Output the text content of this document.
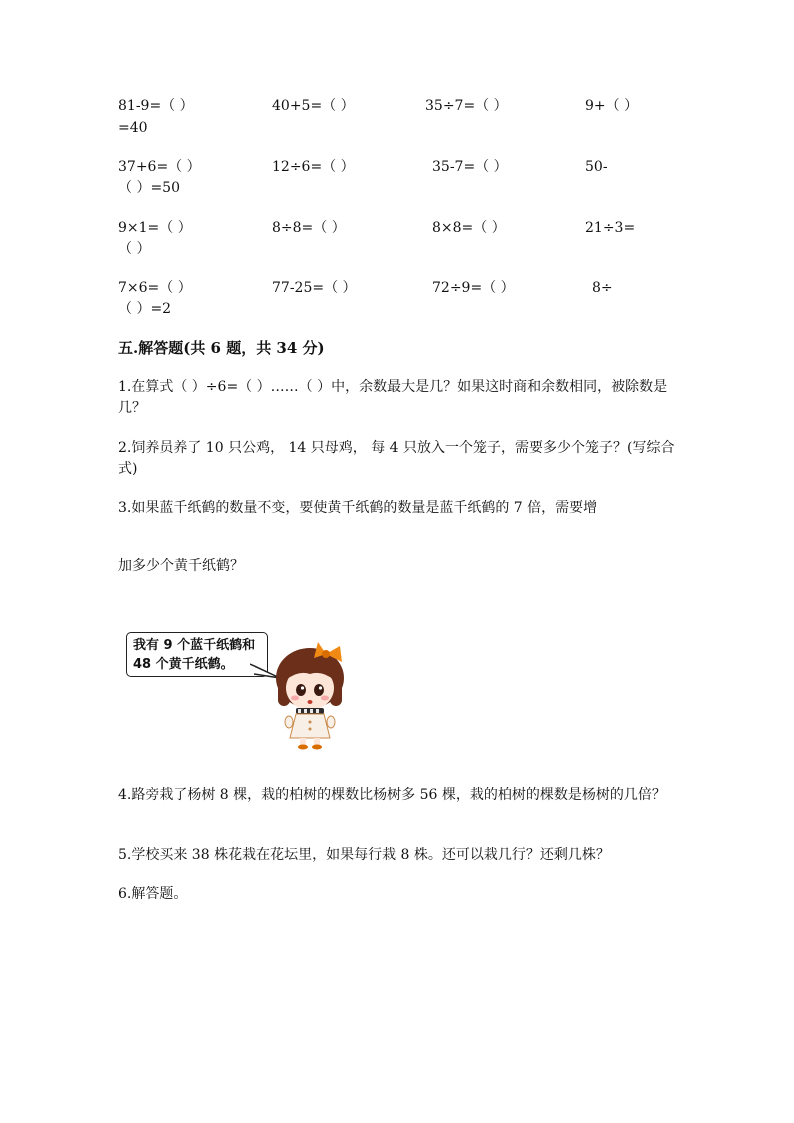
81-9=（ ）	40+5=（ ）	35÷7=（ ）	9+（ ）
=40
37+6=（ ）	12÷6=（ ）	35-7=（ ）	50-
（ ）=50
9×1=（ ）	8÷8=（ ）	8×8=（ ）	21÷3=
（ ）
7×6=（ ）	77-25=（ ）	72÷9=（ ）	8÷
（ ）=2
五.解答题(共 6 题，共 34 分)
1.在算式（ ）÷6=（ ）……（ ）中，余数最大是几？如果这时商和余数相同，被除数是几？
2.饲养员养了 10 只公鸡， 14 只母鸡， 每 4 只放入一个笼子，需要多少个笼子？(写综合式)
3.如果蓝千纸鹤的数量不变，要使黄千纸鹤的数量是蓝千纸鹤的 7 倍，需要增
加多少个黄千纸鹤？
我有 9 个蓝千纸鹤和
48 个黄千纸鹤。
4.路旁栽了杨树 8 棵，栽的柏树的棵数比杨树多 56 棵，栽的柏树的棵数是杨树的几倍？
5.学校买来 38 株花栽在花坛里，如果每行栽 8 株。还可以栽几行？还剩几株？
6.解答题。
